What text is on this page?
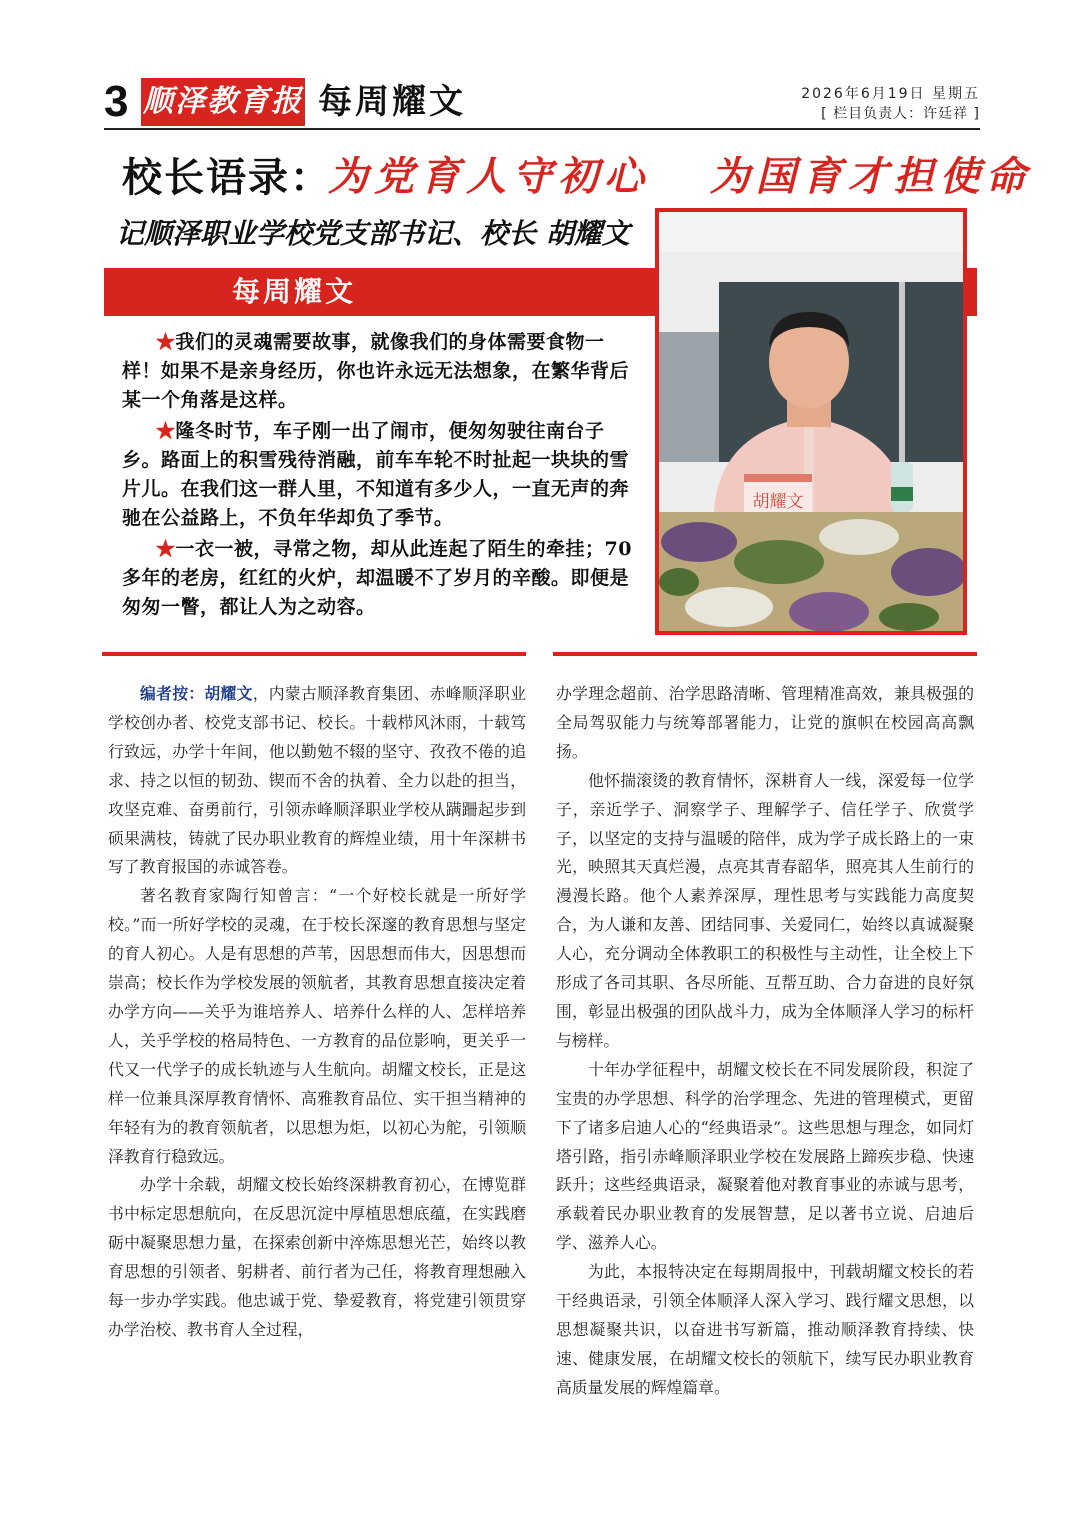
3 顺泽教育报 每周耀文	2026年6月19日 星期五
[ 栏目负责人：许廷祥 ]
校长语录：
为党育人守初心   为国育才担使命
记顺泽职业学校党支部书记、校长 胡耀文
每周耀文

★我们的灵魂需要故事，就像我们的身体需要食物一样！如果不是亲身经历，你也许永远无法想象，在繁华背后某一个角落是这样。

★隆冬时节，车子刚一出了闹市，便匆匆驶往南台子乡。路面上的积雪残待消融，前车车轮不时扯起一块块的雪片儿。在我们这一群人里，不知道有多少人，一直无声的奔驰在公益路上，不负年华却负了季节。

★一衣一被，寻常之物，却从此连起了陌生的牵挂；70 多年的老房，红红的火炉，却温暖不了岁月的辛酸。即便是匆匆一瞥，都让人为之动容。

胡耀文

编者按：胡耀文，内蒙古顺泽教育集团、赤峰顺泽职业学校创办者、校党支部书记、校长。十载栉风沐雨，十载笃行致远，办学十年间，他以勤勉不辍的坚守、孜孜不倦的追求、持之以恒的韧劲、锲而不舍的执着、全力以赴的担当，攻坚克难、奋勇前行，引领赤峰顺泽职业学校从蹒跚起步到硕果满枝，铸就了民办职业教育的辉煌业绩，用十年深耕书写了教育报国的赤诚答卷。

著名教育家陶行知曾言：“一个好校长就是一所好学校。”而一所好学校的灵魂，在于校长深邃的教育思想与坚定的育人初心。人是有思想的芦苇，因思想而伟大，因思想而崇高；校长作为学校发展的领航者，其教育思想直接决定着办学方向——关乎为谁培养人、培养什么样的人、怎样培养人，关乎学校的格局特色、一方教育的品位影响，更关乎一代又一代学子的成长轨迹与人生航向。胡耀文校长，正是这样一位兼具深厚教育情怀、高雅教育品位、实干担当精神的年轻有为的教育领航者，以思想为炬，以初心为舵，引领顺泽教育行稳致远。

办学十余载，胡耀文校长始终深耕教育初心，在博览群书中标定思想航向，在反思沉淀中厚植思想底蕴，在实践磨砺中凝聚思想力量，在探索创新中淬炼思想光芒，始终以教育思想的引领者、躬耕者、前行者为己任，将教育理想融入每一步办学实践。他忠诚于党、挚爱教育，将党建引领贯穿办学治校、教书育人全过程，

办学理念超前、治学思路清晰、管理精准高效，兼具极强的全局驾驭能力与统筹部署能力，让党的旗帜在校园高高飘扬。

他怀揣滚烫的教育情怀，深耕育人一线，深爱每一位学子，亲近学子、洞察学子、理解学子、信任学子、欣赏学子，以坚定的支持与温暖的陪伴，成为学子成长路上的一束光，映照其天真烂漫，点亮其青春韶华，照亮其人生前行的漫漫长路。他个人素养深厚，理性思考与实践能力高度契合，为人谦和友善、团结同事、关爱同仁，始终以真诚凝聚人心，充分调动全体教职工的积极性与主动性，让全校上下形成了各司其职、各尽所能、互帮互助、合力奋进的良好氛围，彰显出极强的团队战斗力，成为全体顺泽人学习的标杆与榜样。

十年办学征程中，胡耀文校长在不同发展阶段，积淀了宝贵的办学思想、科学的治学理念、先进的管理模式，更留下了诸多启迪人心的“经典语录”。这些思想与理念，如同灯塔引路，指引赤峰顺泽职业学校在发展路上蹄疾步稳、快速跃升；这些经典语录，凝聚着他对教育事业的赤诚与思考，承载着民办职业教育的发展智慧，足以著书立说、启迪后学、滋养人心。

为此，本报特决定在每期周报中，刊载胡耀文校长的若干经典语录，引领全体顺泽人深入学习、践行耀文思想，以思想凝聚共识，以奋进书写新篇，推动顺泽教育持续、快速、健康发展，在胡耀文校长的领航下，续写民办职业教育高质量发展的辉煌篇章。
